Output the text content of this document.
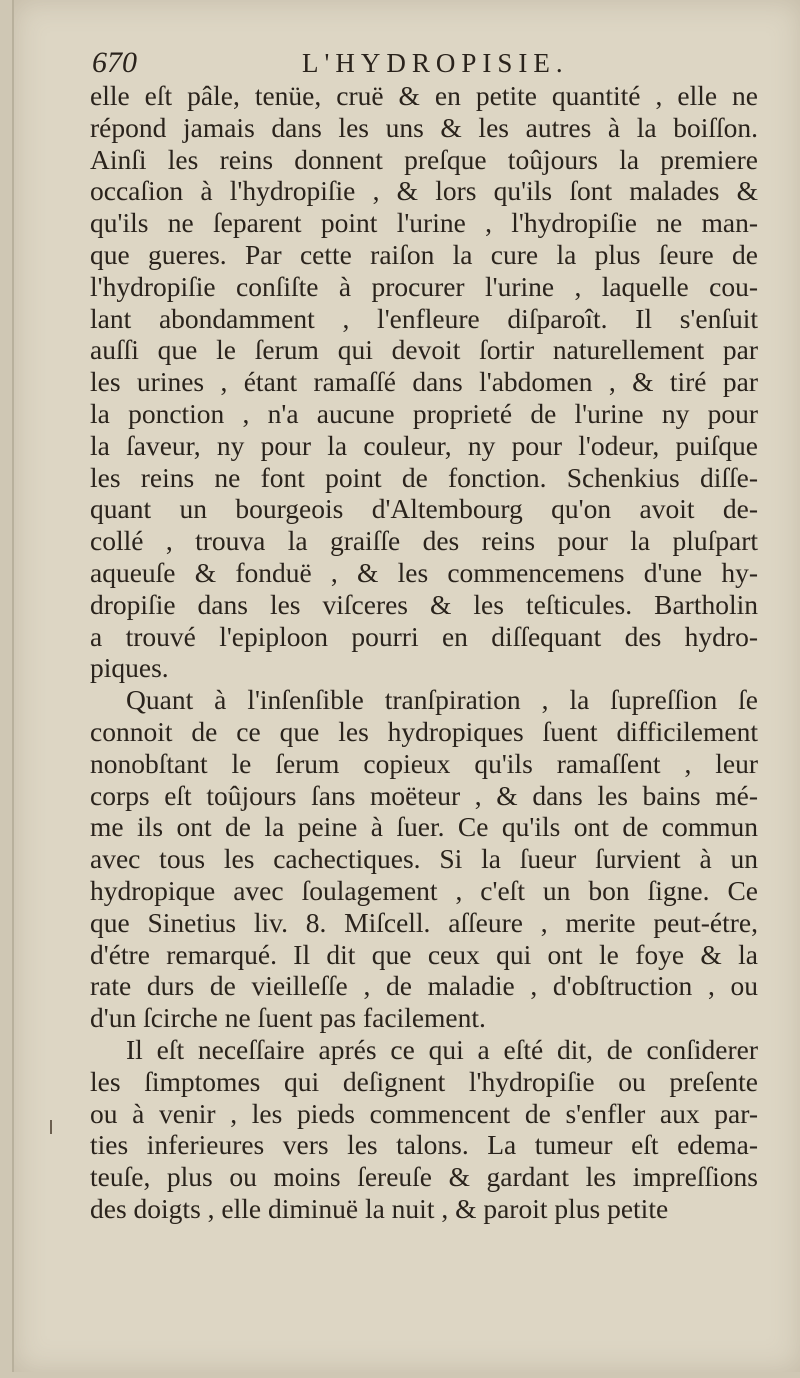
670	L'HYDROPISIE.
elle eſt pâle, tenüe, cruë & en petite quantité , elle ne
répond jamais dans les uns & les autres à la boiſſon.
Ainſi les reins donnent preſque toûjours la premiere
occaſion à l'hydropiſie , & lors qu'ils ſont malades &
qu'ils ne ſeparent point l'urine , l'hydropiſie ne man-
que gueres. Par cette raiſon la cure la plus ſeure de
l'hydropiſie conſiſte à procurer l'urine , laquelle cou-
lant abondamment , l'enfleure diſparoît. Il s'enſuit
auſſi que le ſerum qui devoit ſortir naturellement par
les urines , étant ramaſſé dans l'abdomen , & tiré par
la ponction , n'a aucune proprieté de l'urine ny pour
la ſaveur, ny pour la couleur, ny pour l'odeur, puiſque
les reins ne font point de fonction. Schenkius diſſe-
quant un bourgeois d'Altembourg qu'on avoit de-
collé , trouva la graiſſe des reins pour la pluſpart
aqueuſe & fonduë , & les commencemens d'une hy-
dropiſie dans les viſceres & les teſticules. Bartholin
a trouvé l'epiploon pourri en diſſequant des hydro-
piques.
Quant à l'inſenſible tranſpiration , la ſupreſſion ſe
connoit de ce que les hydropiques ſuent difficilement
nonobſtant le ſerum copieux qu'ils ramaſſent , leur
corps eſt toûjours ſans moëteur , & dans les bains mé-
me ils ont de la peine à ſuer. Ce qu'ils ont de commun
avec tous les cachectiques. Si la ſueur ſurvient à un
hydropique avec ſoulagement , c'eſt un bon ſigne. Ce
que Sinetius liv. 8. Miſcell. aſſeure , merite peut-étre,
d'étre remarqué. Il dit que ceux qui ont le foye & la
rate durs de vieilleſſe , de maladie , d'obſtruction , ou
d'un ſcirche ne ſuent pas facilement.
Il eſt neceſſaire aprés ce qui a eſté dit, de conſiderer
les ſimptomes qui deſignent l'hydropiſie ou preſente
ou à venir , les pieds commencent de s'enfler aux par-
ties inferieures vers les talons. La tumeur eſt edema-
teuſe, plus ou moins ſereuſe & gardant les impreſſions
des doigts , elle diminuë la nuit , & paroit plus petite
